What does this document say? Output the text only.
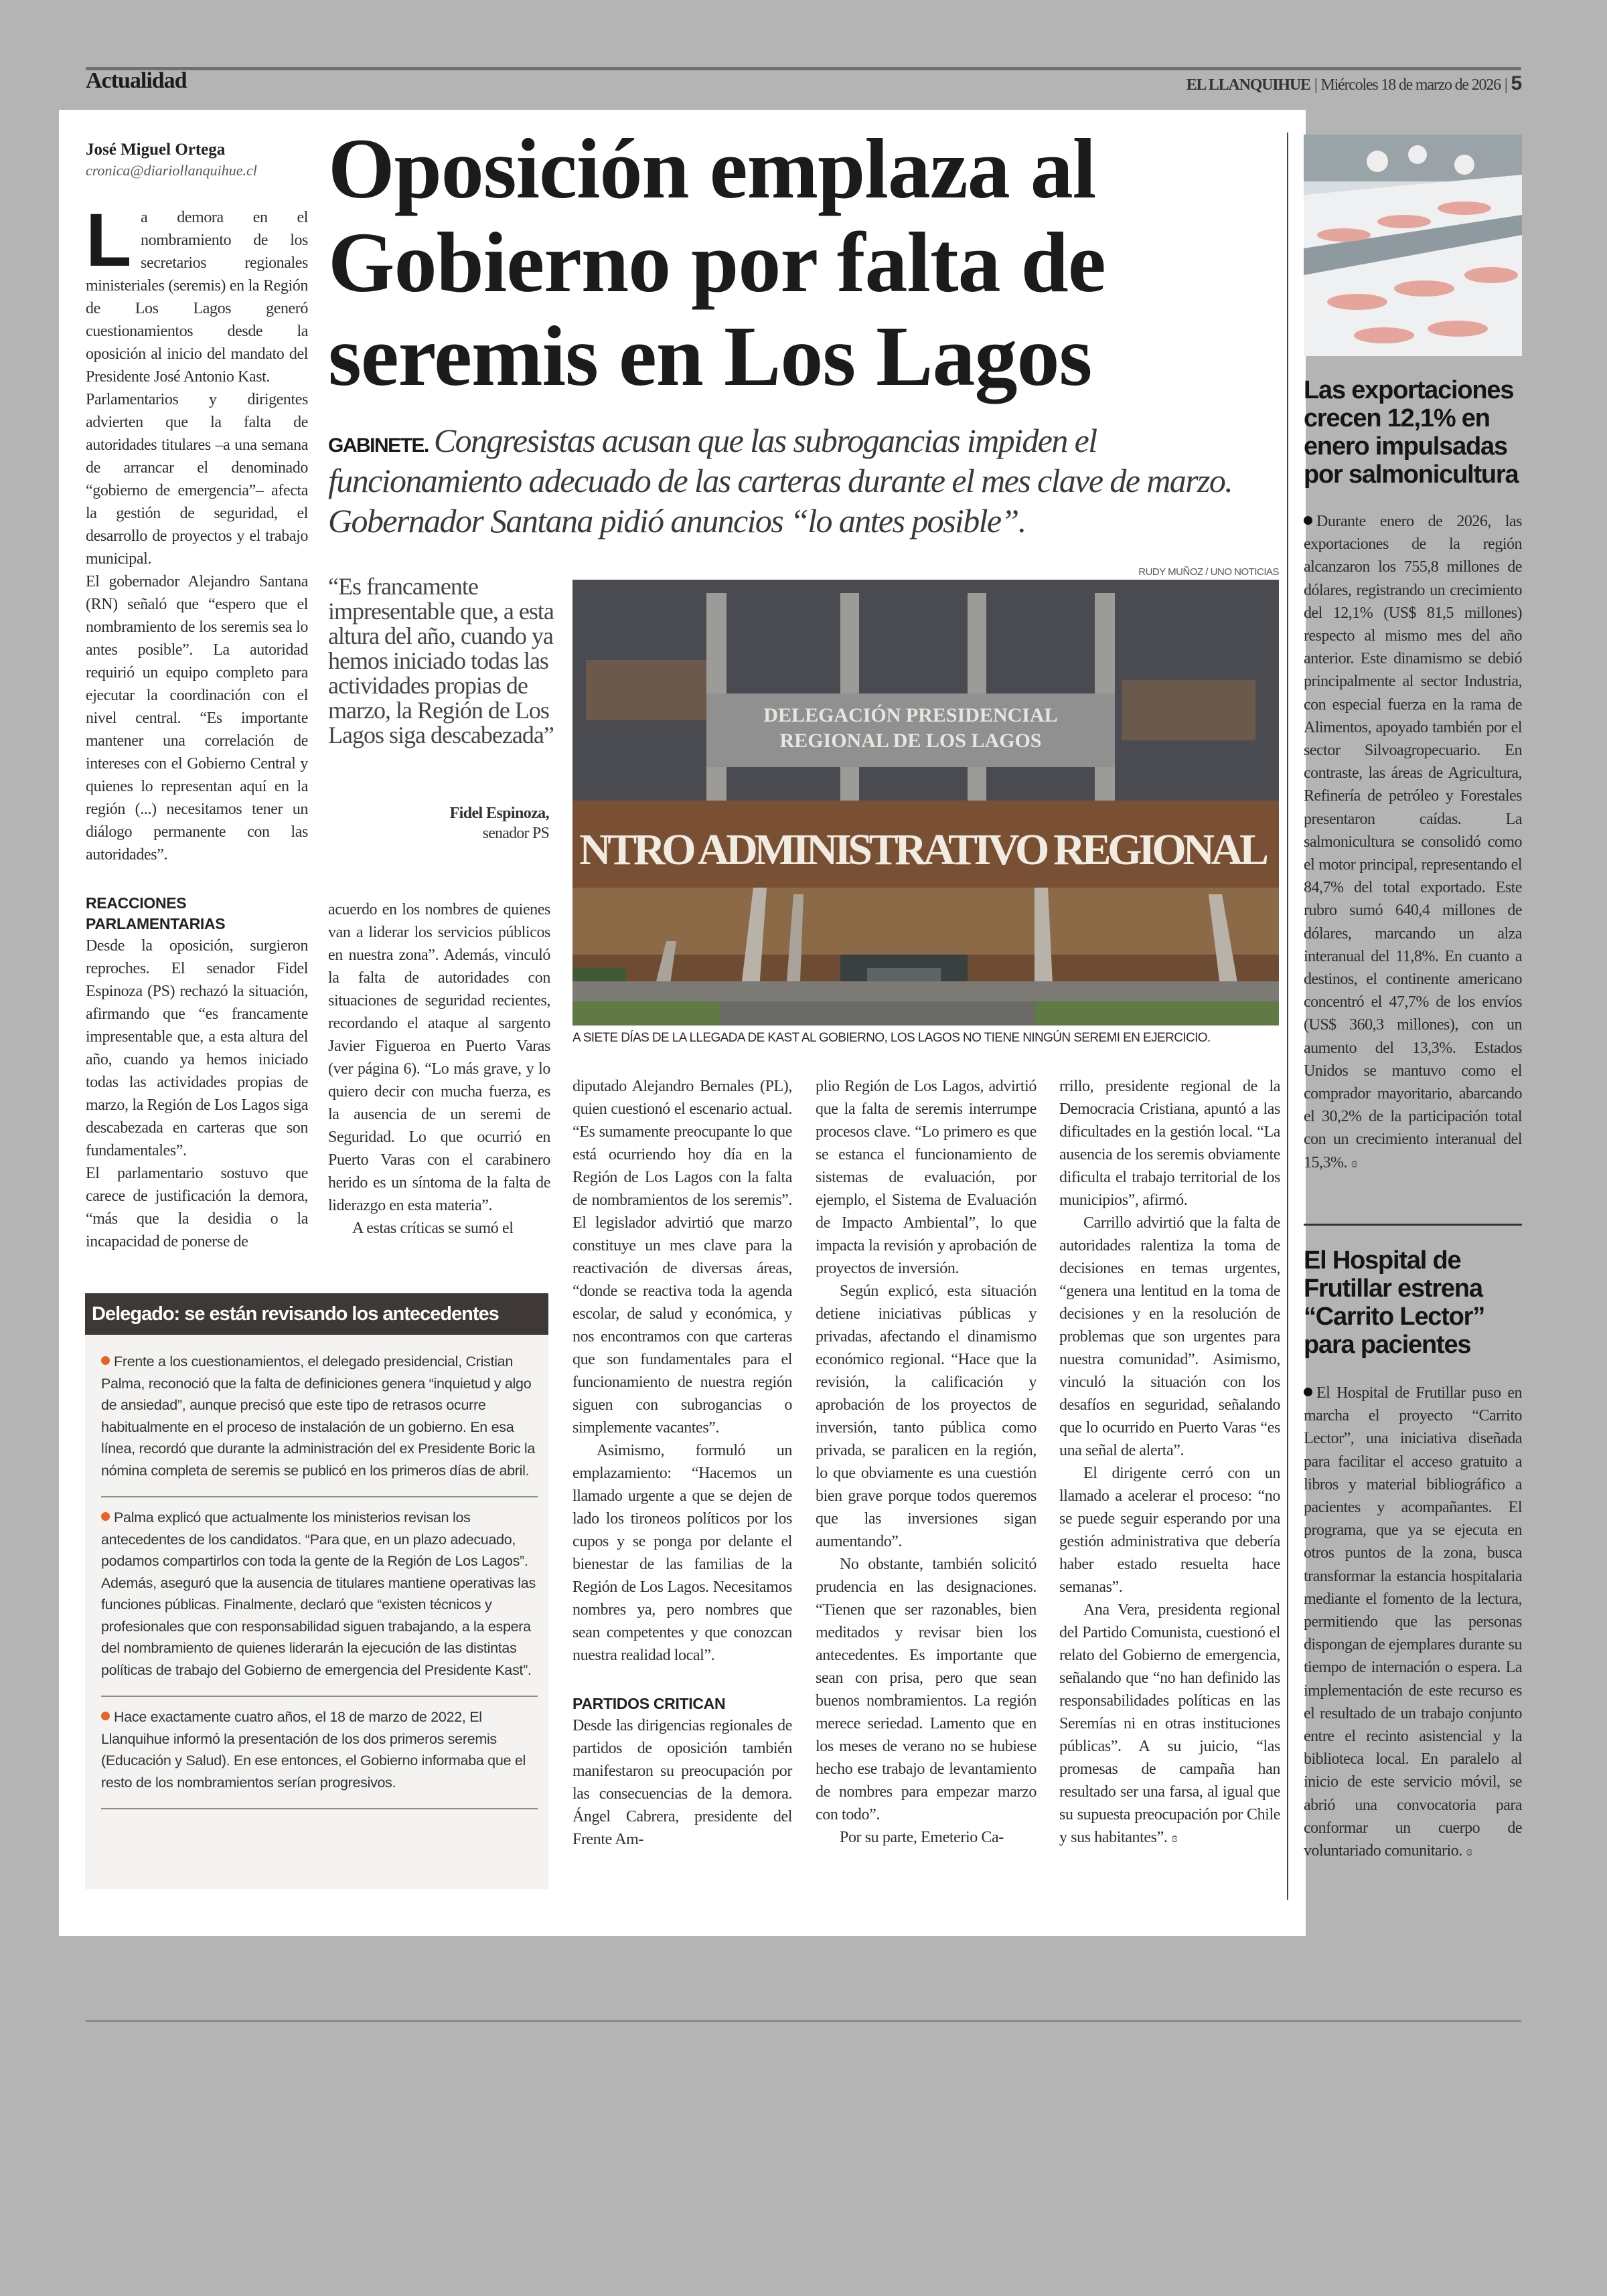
Actualidad	EL LLANQUIHUE | Miércoles 18 de marzo de 2026 | 5
José Miguel Ortega
cronica@diariollanquihue.cl Oposición emplaza al Gobierno por falta de seremis en Los Lagos

GABINETE. Congresistas acusan que las subrogancias impiden el funcionamiento adecuado de las carteras durante el mes clave de marzo. Gobernador Santana pidió anuncios “lo antes posible”.

La demora en el nombramiento de los secretarios regionales ministeriales (seremis) en la Región de Los Lagos generó cuestionamientos desde la oposición al inicio del mandato del Presidente José Antonio Kast.

Parlamentarios y dirigentes advierten que la falta de autoridades titulares –a una semana de arrancar el denominado “gobierno de emergencia”– afecta la gestión de seguridad, el desarrollo de proyectos y el trabajo municipal.

El gobernador Alejandro Santana (RN) señaló que “espero que el nombramiento de los seremis sea lo antes posible”. La autoridad requirió un equipo completo para ejecutar la coordinación con el nivel central. “Es importante mantener una correlación de intereses con el Gobierno Central y quienes lo representan aquí en la región (...) necesitamos tener un diálogo permanente con las autoridades”.

REACCIONES PARLAMENTARIAS

Desde la oposición, surgieron reproches. El senador Fidel Espinoza (PS) rechazó la situación, afirmando que “es francamente impresentable que, a esta altura del año, cuando ya hemos iniciado todas las actividades propias de marzo, la Región de Los Lagos siga descabezada en carteras que son fundamentales”.

El parlamentario sostuvo que carece de justificación la demora, “más que la desidia o la incapacidad de ponerse de

“Es francamente impresentable que, a esta altura del año, cuando ya hemos iniciado todas las actividades propias de marzo, la Región de Los Lagos siga descabezada”

Fidel Espinoza,
senador PS

acuerdo en los nombres de quienes van a liderar los servicios públicos en nuestra zona”. Además, vinculó la falta de autoridades con situaciones de seguridad recientes, recordando el ataque al sargento Javier Figueroa en Puerto Varas (ver página 6). “Lo más grave, y lo quiero decir con mucha fuerza, es la ausencia de un seremi de Seguridad. Lo que ocurrió en Puerto Varas con el carabinero herido es un síntoma de la falta de liderazgo en esta materia”.

A estas críticas se sumó el

RUDY MUÑOZ / UNO NOTICIAS
DELEGACIÓN PRESIDENCIAL
REGIONAL DE LOS LAGOS
NTRO ADMINISTRATIVO REGIONAL
A SIETE DÍAS DE LA LLEGADA DE KAST AL GOBIERNO, LOS LAGOS NO TIENE NINGÚN SEREMI EN EJERCICIO.

diputado Alejandro Bernales (PL), quien cuestionó el escenario actual. “Es sumamente preocupante lo que está ocurriendo hoy día en la Región de Los Lagos con la falta de nombramientos de los seremis”. El legislador advirtió que marzo constituye un mes clave para la reactivación de diversas áreas, “donde se reactiva toda la agenda escolar, de salud y económica, y nos encontramos con que carteras que son fundamentales para el funcionamiento de nuestra región siguen con subrogancias o simplemente vacantes”.

Asimismo, formuló un emplazamiento: “Hacemos un llamado urgente a que se dejen de lado los tironeos políticos por los cupos y se ponga por delante el bienestar de las familias de la Región de Los Lagos. Necesitamos nombres ya, pero nombres que sean competentes y que conozcan nuestra realidad local”.

PARTIDOS CRITICAN

Desde las dirigencias regionales de partidos de oposición también manifestaron su preocupación por las consecuencias de la demora. Ángel Cabrera, presidente del Frente Am-

plio Región de Los Lagos, advirtió que la falta de seremis interrumpe procesos clave. “Lo primero es que se estanca el funcionamiento de sistemas de evaluación, por ejemplo, el Sistema de Evaluación de Impacto Ambiental”, lo que impacta la revisión y aprobación de proyectos de inversión.

Según explicó, esta situación detiene iniciativas públicas y privadas, afectando el dinamismo económico regional. “Hace que la revisión, la calificación y aprobación de los proyectos de inversión, tanto pública como privada, se paralicen en la región, lo que obviamente es una cuestión bien grave porque todos queremos que las inversiones sigan aumentando”.

No obstante, también solicitó prudencia en las designaciones. “Tienen que ser razonables, bien meditados y revisar bien los antecedentes. Es importante que sean con prisa, pero que sean buenos nombramientos. La región merece seriedad. Lamento que en los meses de verano no se hubiese hecho ese trabajo de levantamiento de nombres para empezar marzo con todo”.

Por su parte, Emeterio Ca-

rrillo, presidente regional de la Democracia Cristiana, apuntó a las dificultades en la gestión local. “La ausencia de los seremis obviamente dificulta el trabajo territorial de los municipios”, afirmó.

Carrillo advirtió que la falta de autoridades ralentiza la toma de decisiones en temas urgentes, “genera una lentitud en la toma de decisiones y en la resolución de problemas que son urgentes para nuestra comunidad”. Asimismo, vinculó la situación con los desafíos en seguridad, señalando que lo ocurrido en Puerto Varas “es una señal de alerta”.

El dirigente cerró con un llamado a acelerar el proceso: “no se puede seguir esperando por una gestión administrativa que debería haber estado resuelta hace semanas”.

Ana Vera, presidenta regional del Partido Comunista, cuestionó el relato del Gobierno de emergencia, señalando que “no han definido las responsabilidades políticas en las Seremías ni en otras instituciones públicas”. A su juicio, “las promesas de campaña han resultado ser una farsa, al igual que su supuesta preocupación por Chile y sus habitantes”. ɞ

Delegado: se están revisando los antecedentes

Frente a los cuestionamientos, el delegado presidencial, Cristian Palma, reconoció que la falta de definiciones genera “inquietud y algo de ansiedad”, aunque precisó que este tipo de retrasos ocurre habitualmente en el proceso de instalación de un gobierno. En esa línea, recordó que durante la administración del ex Presidente Boric la nómina completa de seremis se publicó en los primeros días de abril.

Palma explicó que actualmente los ministerios revisan los antecedentes de los candidatos. “Para que, en un plazo adecuado, podamos compartirlos con toda la gente de la Región de Los Lagos”. Además, aseguró que la ausencia de titulares mantiene operativas las funciones públicas. Finalmente, declaró que “existen técnicos y profesionales que con responsabilidad siguen trabajando, a la espera del nombramiento de quienes liderarán la ejecución de las distintas políticas de trabajo del Gobierno de emergencia del Presidente Kast”.

Hace exactamente cuatro años, el 18 de marzo de 2022, El Llanquihue informó la presentación de los dos primeros seremis (Educación y Salud). En ese entonces, el Gobierno informaba que el resto de los nombramientos serían progresivos.

Las exportaciones crecen 12,1% en enero impulsadas por salmonicultura

Durante enero de 2026, las exportaciones de la región alcanzaron los 755,8 millones de dólares, registrando un crecimiento del 12,1% (US$ 81,5 millones) respecto al mismo mes del año anterior. Este dinamismo se debió principalmente al sector Industria, con especial fuerza en la rama de Alimentos, apoyado también por el sector Silvoagropecuario. En contraste, las áreas de Agricultura, Refinería de petróleo y Forestales presentaron caídas. La salmonicultura se consolidó como el motor principal, representando el 84,7% del total exportado. Este rubro sumó 640,4 millones de dólares, marcando un alza interanual del 11,8%. En cuanto a destinos, el continente americano concentró el 47,7% de los envíos (US$ 360,3 millones), con un aumento del 13,3%. Estados Unidos se mantuvo como el comprador mayoritario, abarcando el 30,2% de la participación total con un crecimiento interanual del 15,3%. ɞ

El Hospital de Frutillar estrena “Carrito Lector” para pacientes

El Hospital de Frutillar puso en marcha el proyecto “Carrito Lector”, una iniciativa diseñada para facilitar el acceso gratuito a libros y material bibliográfico a pacientes y acompañantes. El programa, que ya se ejecuta en otros puntos de la zona, busca transformar la estancia hospitalaria mediante el fomento de la lectura, permitiendo que las personas dispongan de ejemplares durante su tiempo de internación o espera. La implementación de este recurso es el resultado de un trabajo conjunto entre el recinto asistencial y la biblioteca local. En paralelo al inicio de este servicio móvil, se abrió una convocatoria para conformar un cuerpo de voluntariado comunitario. ɞ
